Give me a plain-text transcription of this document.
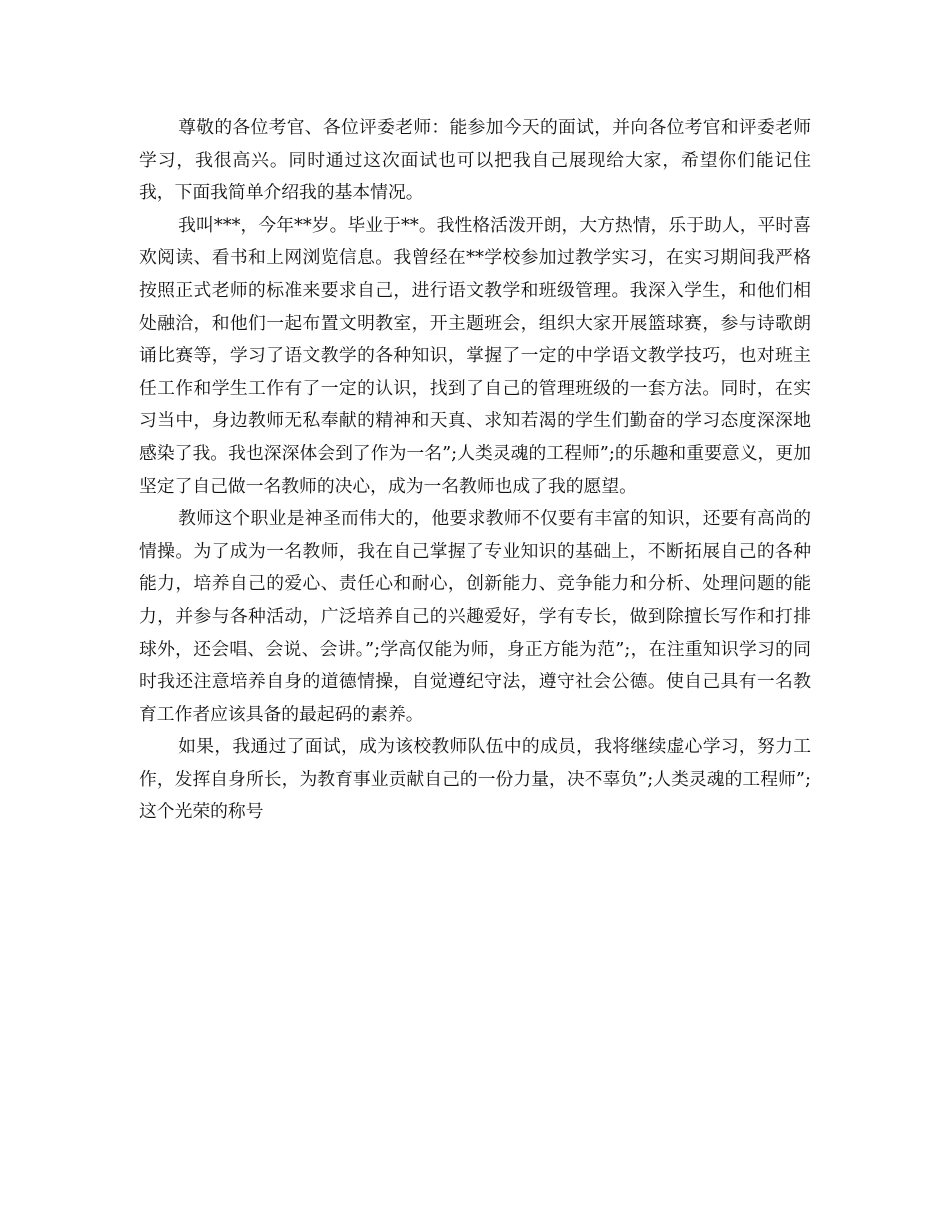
尊敬的各位考官、各位评委老师：能参加今天的面试，并向各位考官和评委老师学习，我很高兴。同时通过这次面试也可以把我自己展现给大家，希望你们能记住我，下面我简单介绍我的基本情况。

我叫***，今年**岁。毕业于**。我性格活泼开朗，大方热情，乐于助人，平时喜欢阅读、看书和上网浏览信息。我曾经在**学校参加过教学实习，在实习期间我严格按照正式老师的标准来要求自己，进行语文教学和班级管理。我深入学生，和他们相处融洽，和他们一起布置文明教室，开主题班会，组织大家开展篮球赛，参与诗歌朗诵比赛等，学习了语文教学的各种知识，掌握了一定的中学语文教学技巧，也对班主任工作和学生工作有了一定的认识，找到了自己的管理班级的一套方法。同时，在实习当中，身边教师无私奉献的精神和天真、求知若渴的学生们勤奋的学习态度深深地感染了我。我也深深体会到了作为一名”;人类灵魂的工程师”;的乐趣和重要意义，更加坚定了自己做一名教师的决心，成为一名教师也成了我的愿望。

教师这个职业是神圣而伟大的，他要求教师不仅要有丰富的知识，还要有高尚的情操。为了成为一名教师，我在自己掌握了专业知识的基础上，不断拓展自己的各种能力，培养自己的爱心、责任心和耐心，创新能力、竞争能力和分析、处理问题的能力，并参与各种活动，广泛培养自己的兴趣爱好，学有专长，做到除擅长写作和打排球外，还会唱、会说、会讲。”;学高仅能为师，身正方能为范”;，在注重知识学习的同时我还注意培养自身的道德情操，自觉遵纪守法，遵守社会公德。使自己具有一名教育工作者应该具备的最起码的素养。

如果，我通过了面试，成为该校教师队伍中的成员，我将继续虚心学习，努力工作，发挥自身所长，为教育事业贡献自己的一份力量，决不辜负”;人类灵魂的工程师”;这个光荣的称号
